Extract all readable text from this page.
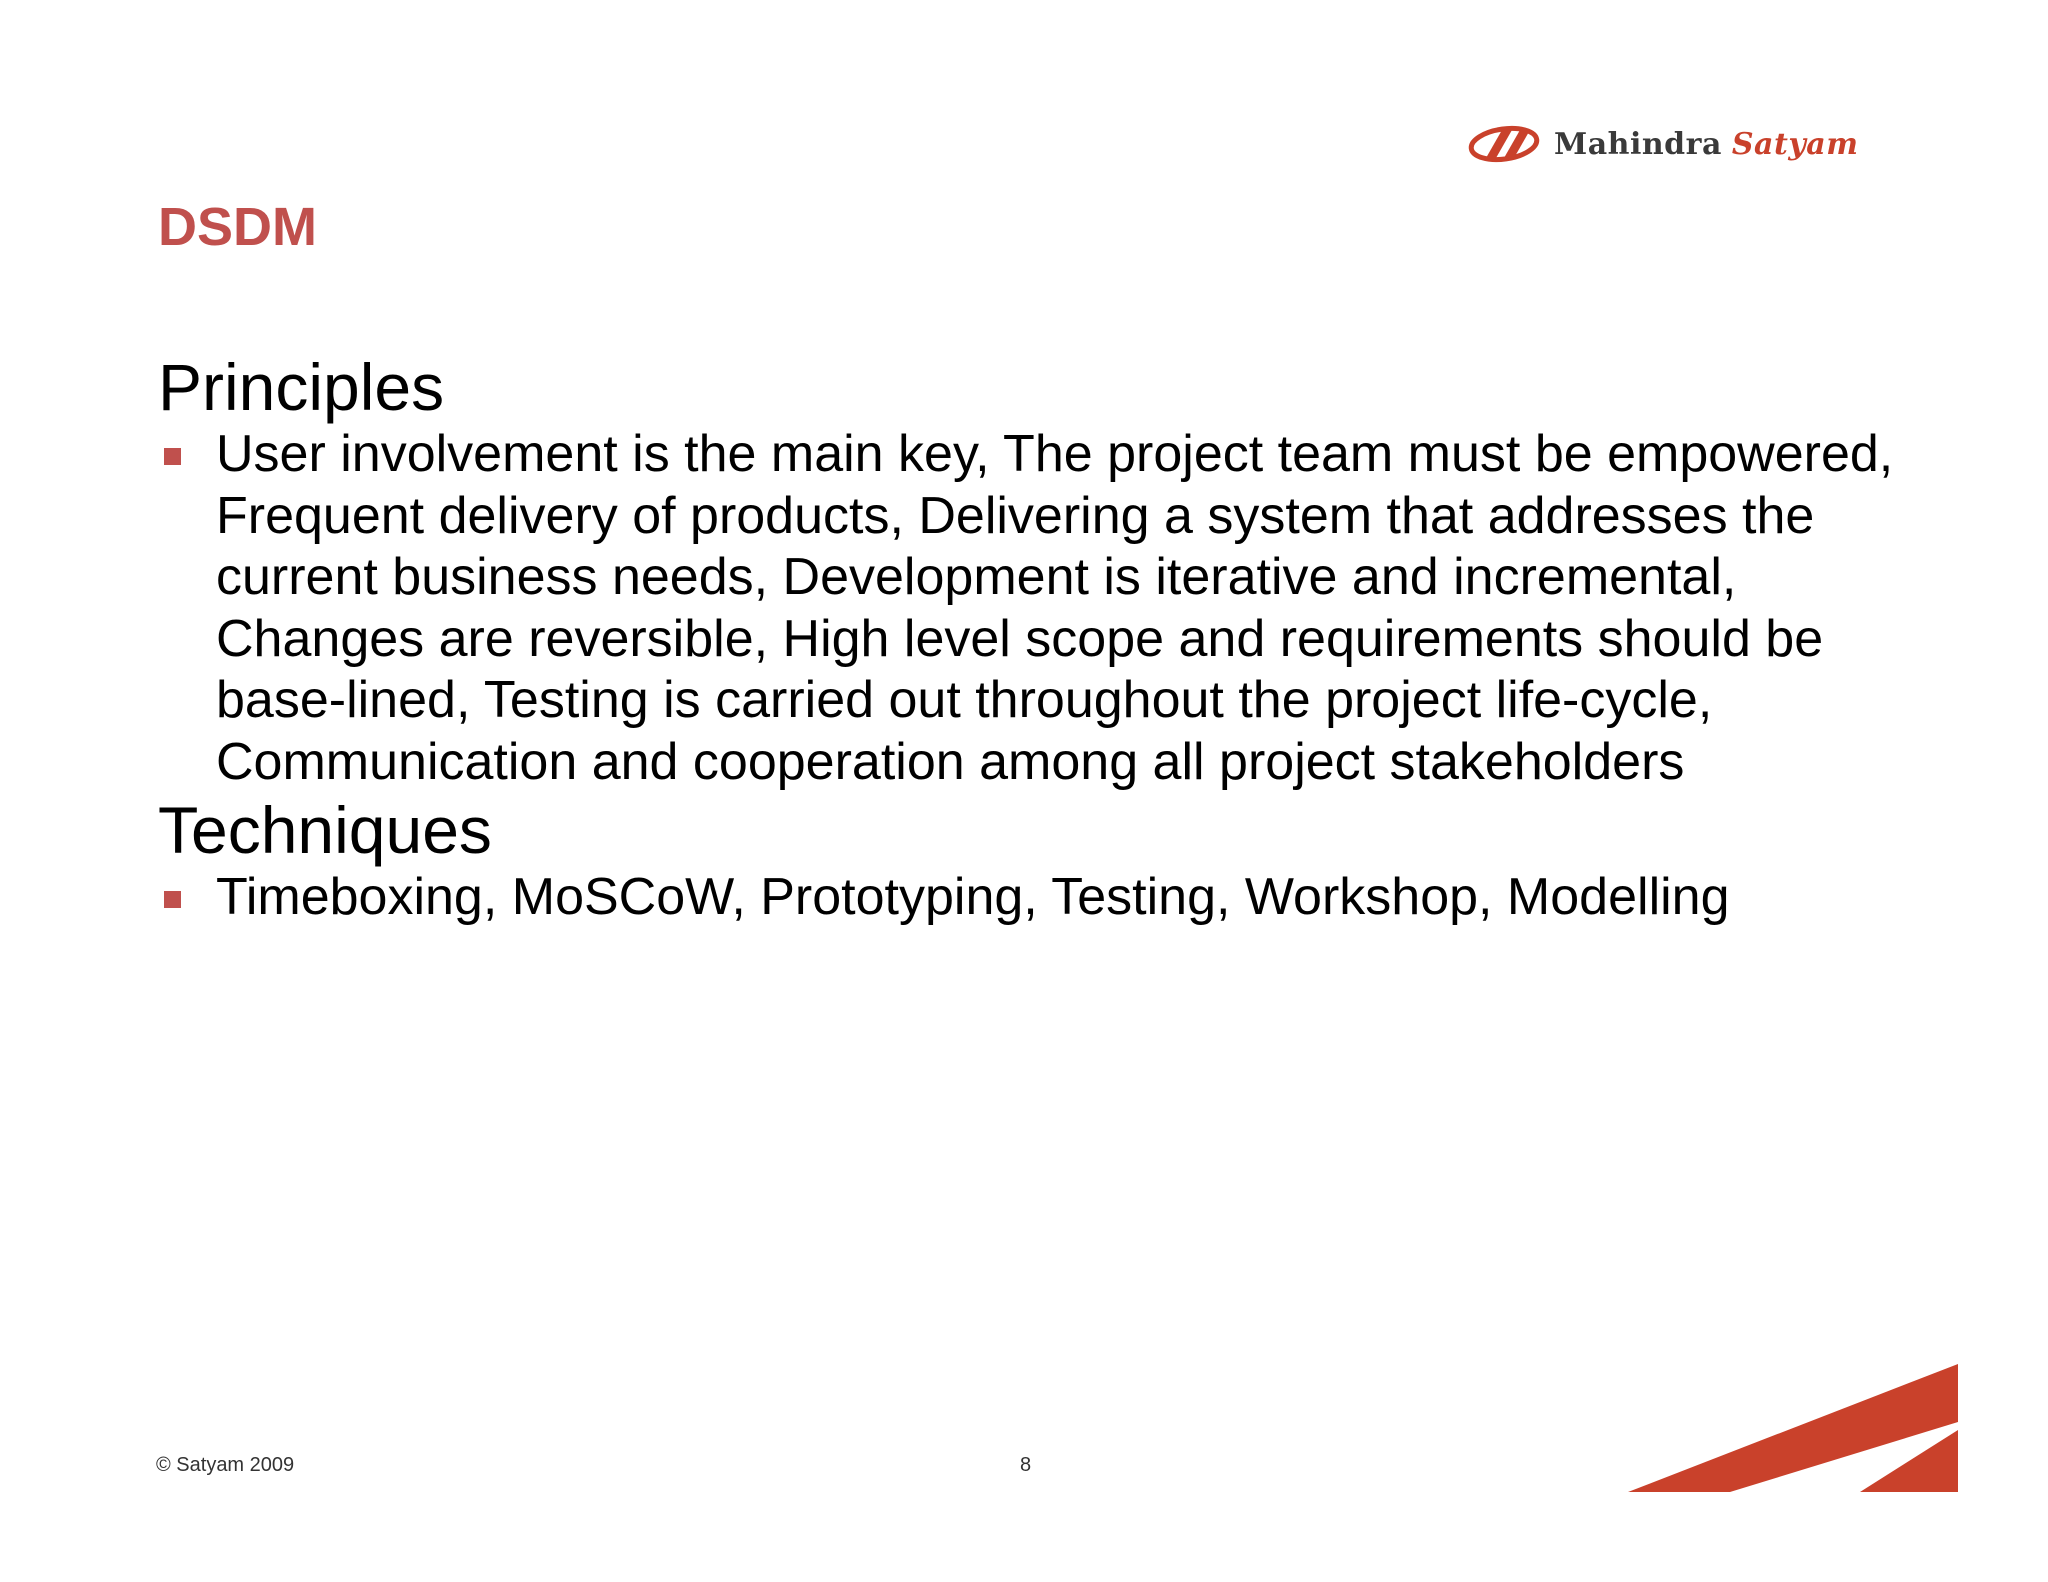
Mahindra Satyam
DSDM
Principles
User involvement is the main key, The project team must be empowered, Frequent delivery of products, Delivering a system that addresses the current business needs, Development is iterative and incremental, Changes are reversible, High level scope and requirements should be base-lined, Testing is carried out throughout the project life-cycle, Communication and cooperation among all project stakeholders
Techniques
Timeboxing, MoSCoW, Prototyping, Testing, Workshop, Modelling
© Satyam 2009	8
